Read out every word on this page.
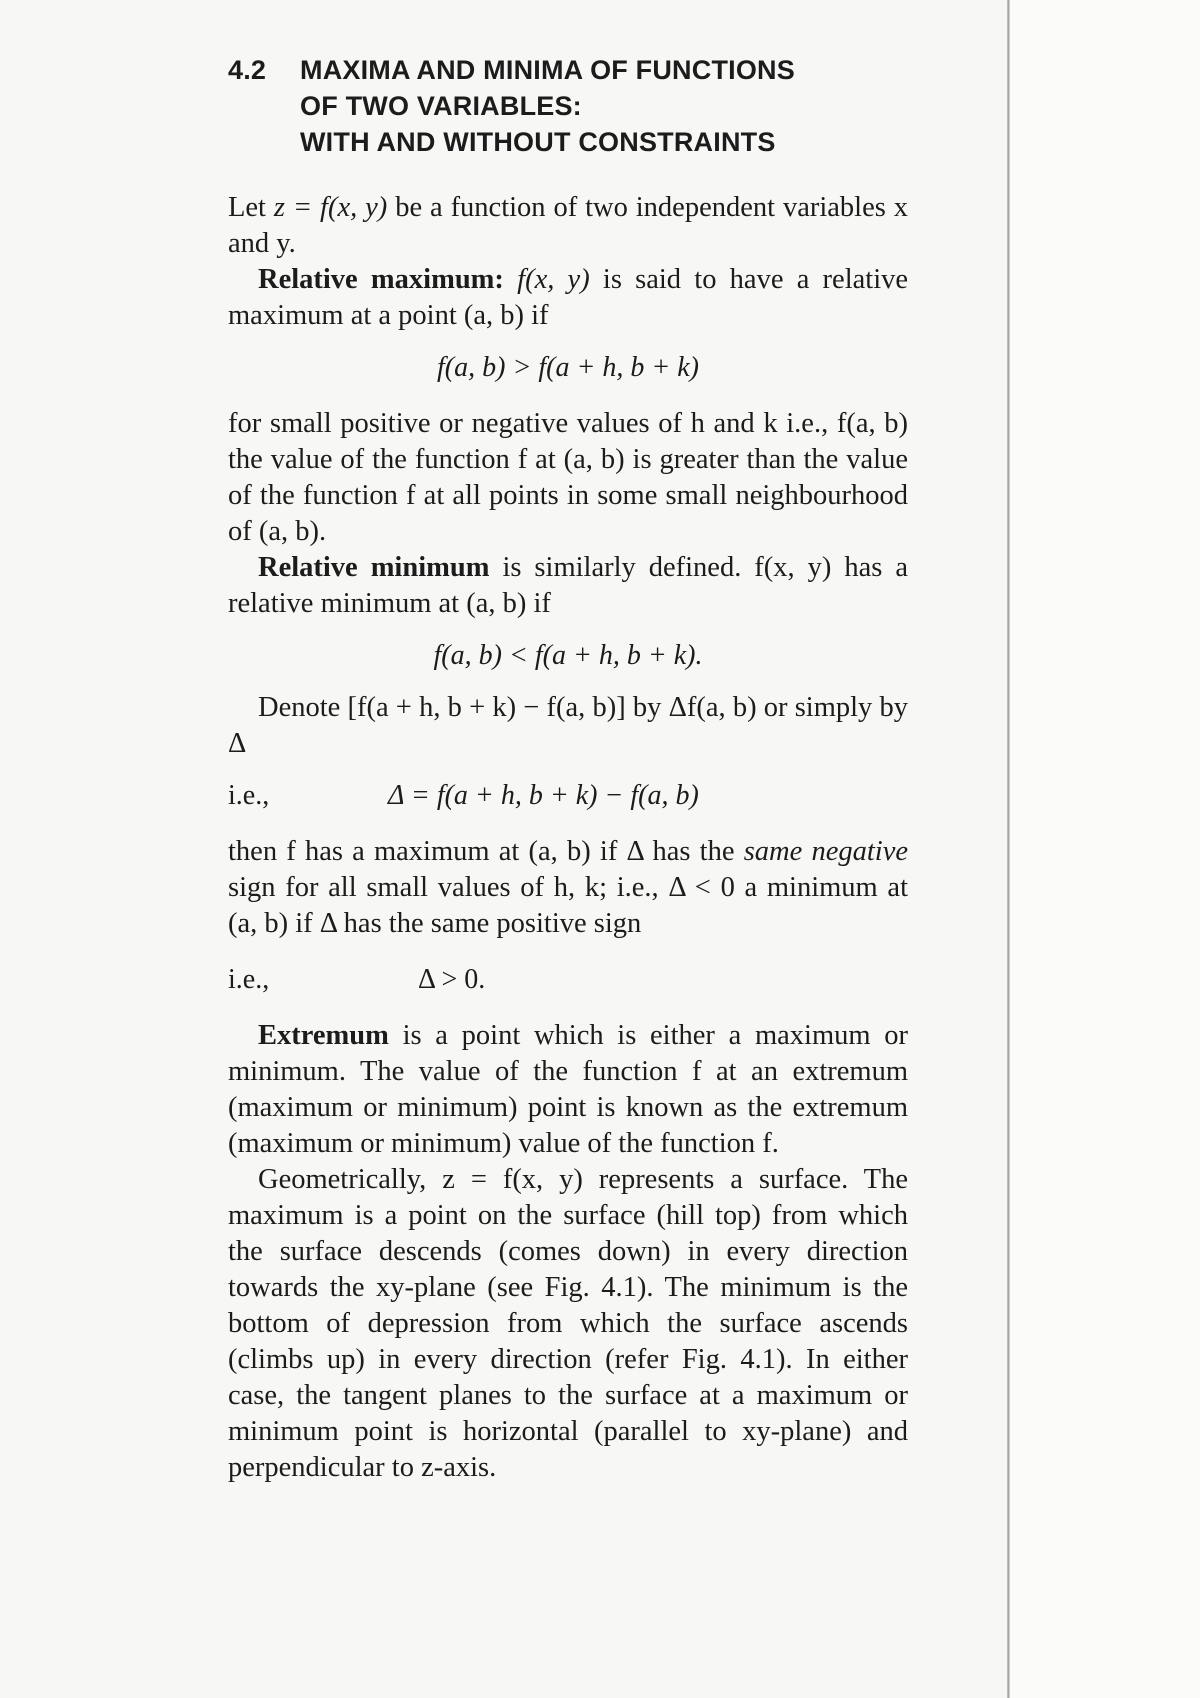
4.2	MAXIMA AND MINIMA OF FUNCTIONS
OF TWO VARIABLES:
WITH AND WITHOUT CONSTRAINTS

Let z = f(x, y) be a function of two independent variables x and y.

Relative maximum: f(x, y) is said to have a relative maximum at a point (a, b) if

f(a, b) > f(a + h, b + k)

for small positive or negative values of h and k i.e., f(a, b) the value of the function f at (a, b) is greater than the value of the function f at all points in some small neighbourhood of (a, b).

Relative minimum is similarly defined. f(x, y) has a relative minimum at (a, b) if

f(a, b) < f(a + h, b + k).

Denote [f(a + h, b + k) − f(a, b)] by Δf(a, b) or simply by Δ

i.e.,	Δ = f(a + h, b + k) − f(a, b)

then f has a maximum at (a, b) if Δ has the same negative sign for all small values of h, k; i.e., Δ < 0 a minimum at (a, b) if Δ has the same positive sign

i.e.,	Δ > 0.

Extremum is a point which is either a maximum or minimum. The value of the function f at an extremum (maximum or minimum) point is known as the extremum (maximum or minimum) value of the function f.

Geometrically, z = f(x, y) represents a surface. The maximum is a point on the surface (hill top) from which the surface descends (comes down) in every direction towards the xy-plane (see Fig. 4.1). The minimum is the bottom of depression from which the surface ascends (climbs up) in every direction (refer Fig. 4.1). In either case, the tangent planes to the surface at a maximum or minimum point is horizontal (parallel to xy-plane) and perpendicular to z-axis.
